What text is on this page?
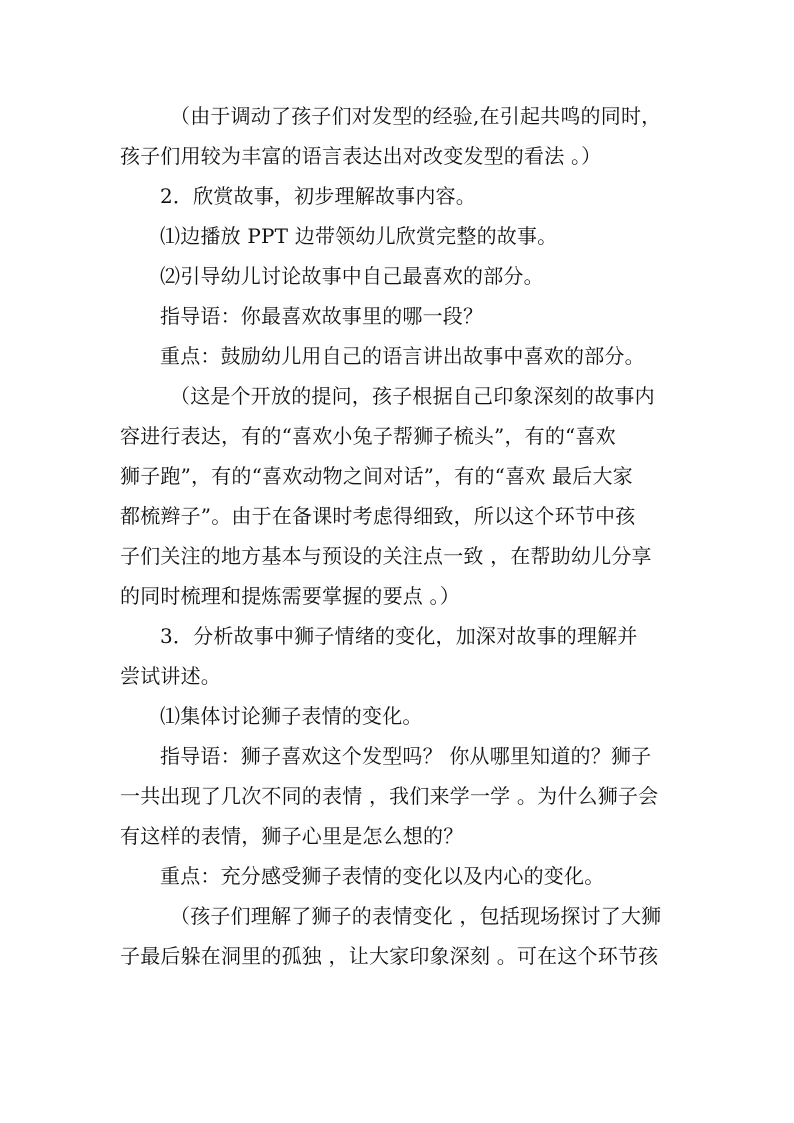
（由于调动了孩子们对发型的经验,在引起共鸣的同时，
孩子们用较为丰富的语言表达出对改变发型的看法 。）
2．欣赏故事，初步理解故事内容。
⑴边播放 PPT 边带领幼儿欣赏完整的故事。
⑵引导幼儿讨论故事中自己最喜欢的部分。
指导语：你最喜欢故事里的哪一段？
重点：鼓励幼儿用自己的语言讲出故事中喜欢的部分。
（这是个开放的提问，孩子根据自己印象深刻的故事内
容进行表达，有的“喜欢小兔子帮狮子梳头”，有的“喜欢
狮子跑”，有的“喜欢动物之间对话”，有的“喜欢 最后大家
都梳辫子”。由于在备课时考虑得细致，所以这个环节中孩
子们关注的地方基本与预设的关注点一致 ，在帮助幼儿分享
的同时梳理和提炼需要掌握的要点 。）
3．分析故事中狮子情绪的变化，加深对故事的理解并
尝试讲述。
⑴集体讨论狮子表情的变化。
指导语：狮子喜欢这个发型吗？ 你从哪里知道的？狮子
一共出现了几次不同的表情 ，我们来学一学 。为什么狮子会
有这样的表情，狮子心里是怎么想的？
重点：充分感受狮子表情的变化以及内心的变化。
（孩子们理解了狮子的表情变化 ，包括现场探讨了大狮
子最后躲在洞里的孤独 ，让大家印象深刻 。可在这个环节孩
